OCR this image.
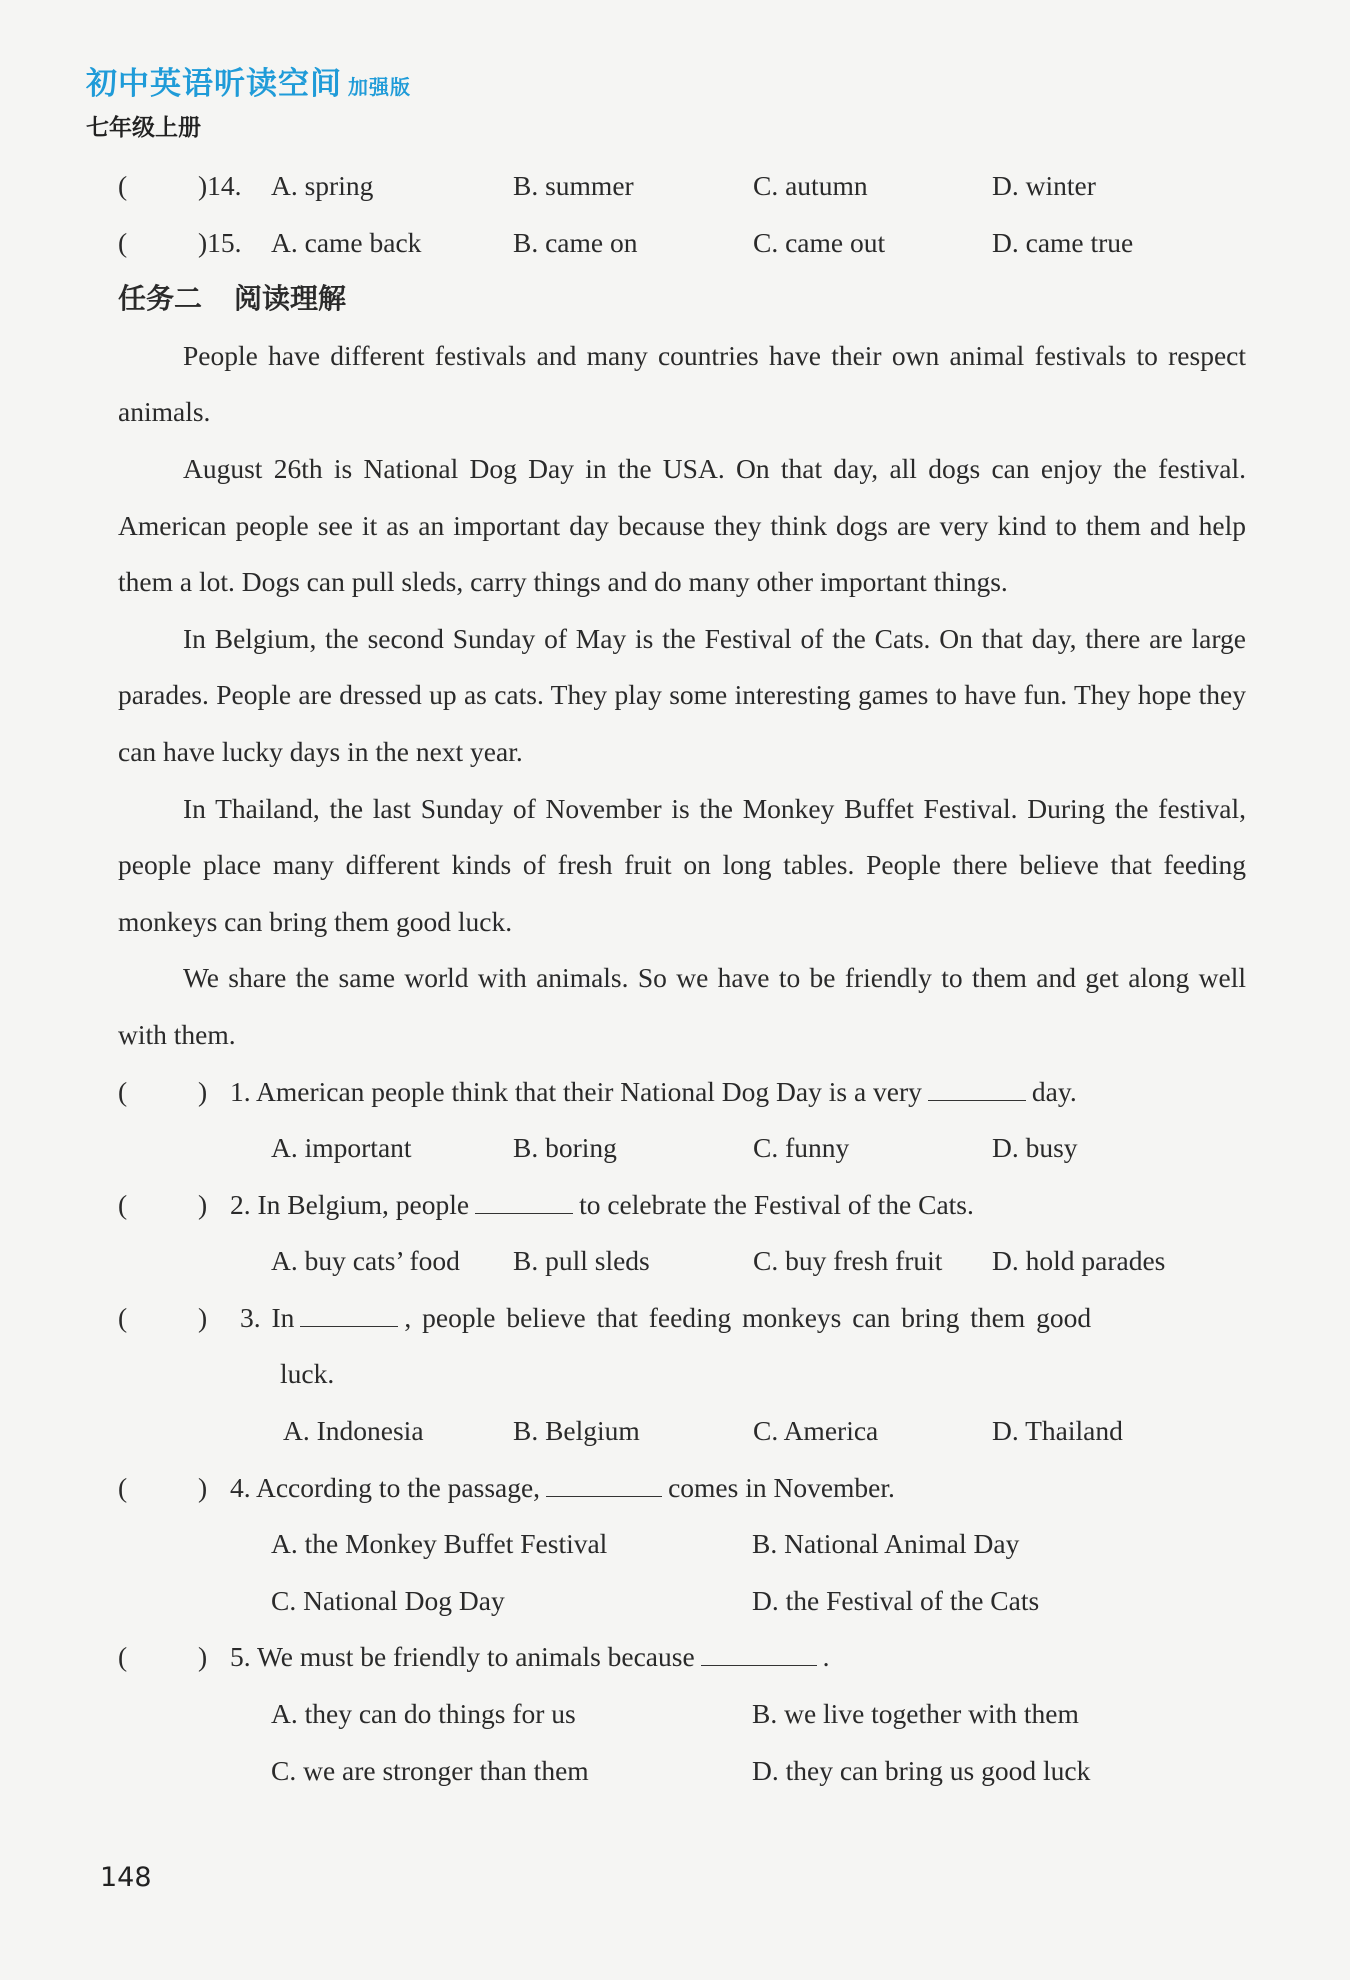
初中英语听读空间 加强版
七年级上册
(	)14. A. spring	B. summer	C. autumn	D. winter
(	)15. A. came back	B. came on	C. came out	D. came true
任务二 阅读理解

People have different festivals and many countries have their own animal festivals to respect animals.

August 26th is National Dog Day in the USA. On that day, all dogs can enjoy the festival. American people see it as an important day because they think dogs are very kind to them and help them a lot. Dogs can pull sleds, carry things and do many other important things.

In Belgium, the second Sunday of May is the Festival of the Cats. On that day, there are large parades. People are dressed up as cats. They play some interesting games to have fun. They hope they can have lucky days in the next year.

In Thailand, the last Sunday of November is the Monkey Buffet Festival. During the festival, people place many different kinds of fresh fruit on long tables. People there believe that feeding monkeys can bring them good luck.

We share the same world with animals. So we have to be friendly to them and get along well with them.

(	) 1. American people think that their National Dog Day is a very	day.
A. important	B. boring	C. funny	D. busy
(	) 2. In Belgium, people	to celebrate the Festival of the Cats.
A. buy cats’ food B. pull sleds	C. buy fresh fruit D. hold parades
(	) 3. In	, people believe that feeding monkeys can bring them good
luck.
A. Indonesia	B. Belgium	C. America	D. Thailand
(	) 4. According to the passage,	comes in November.
A. the Monkey Buffet Festival	B. National Animal Day
C. National Dog Day	D. the Festival of the Cats
(	) 5. We must be friendly to animals because	.
A. they can do things for us	B. we live together with them
C. we are stronger than them	D. they can bring us good luck
148
